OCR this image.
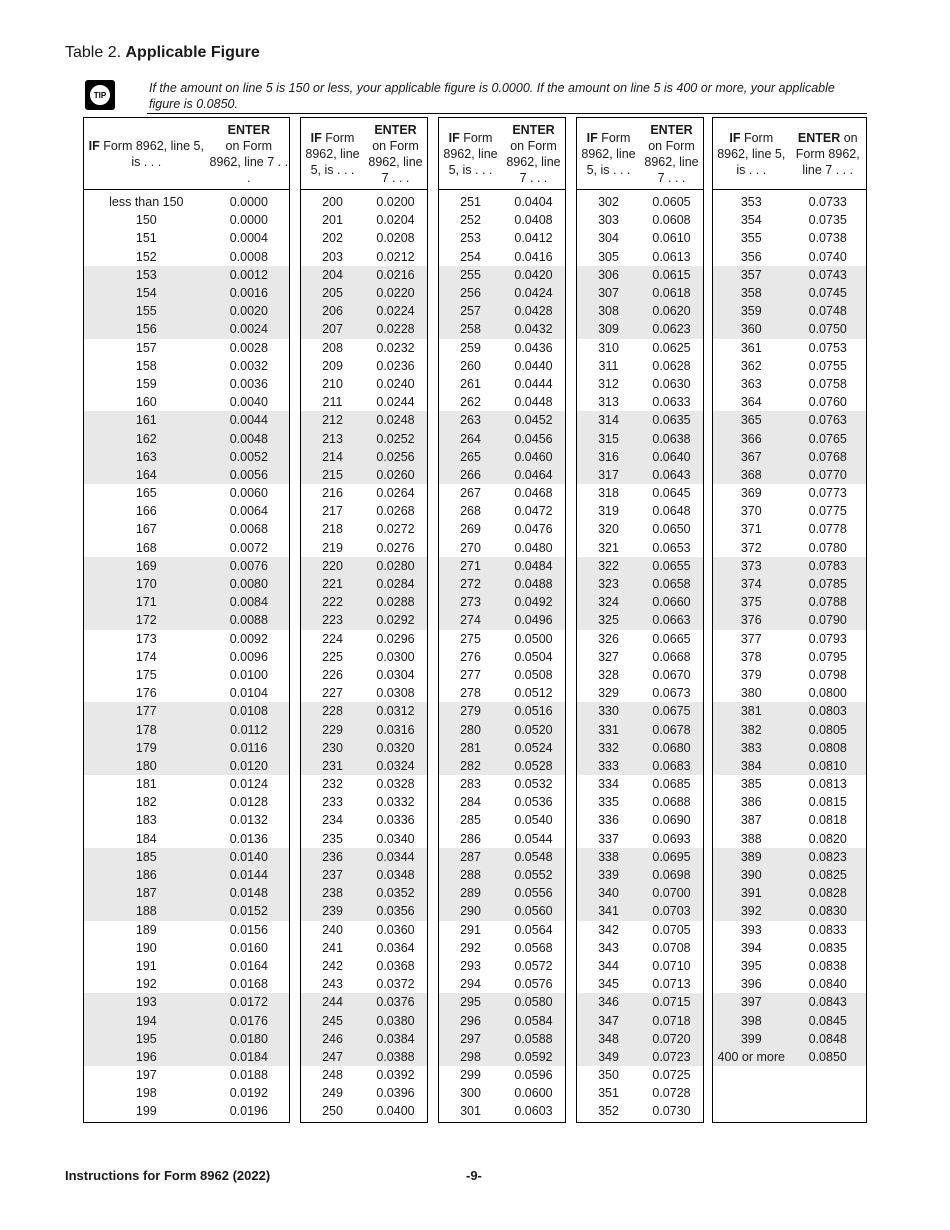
Table 2. Applicable Figure
TIP	If the amount on line 5 is 150 or less, your applicable figure is 0.0000. If the amount on line 5 is 400 or more, your applicable figure is 0.0850.
IF Form 8962, line 5, is . . .
ENTER
on Form 8962, line 7 . . .
less than 150	0.0000
150	0.0000
151	0.0004
152	0.0008
153	0.0012
154	0.0016
155	0.0020
156	0.0024
157	0.0028
158	0.0032
159	0.0036
160	0.0040
161	0.0044
162	0.0048
163	0.0052
164	0.0056
165	0.0060
166	0.0064
167	0.0068
168	0.0072
169	0.0076
170	0.0080
171	0.0084
172	0.0088
173	0.0092
174	0.0096
175	0.0100
176	0.0104
177	0.0108
178	0.0112
179	0.0116
180	0.0120
181	0.0124
182	0.0128
183	0.0132
184	0.0136
185	0.0140
186	0.0144
187	0.0148
188	0.0152
189	0.0156
190	0.0160
191	0.0164
192	0.0168
193	0.0172
194	0.0176
195	0.0180
196	0.0184
197	0.0188
198	0.0192
199	0.0196
IF Form 8962, line 5, is . . .
ENTER
on Form 8962, line 7 . . .
200	0.0200
201	0.0204
202	0.0208
203	0.0212
204	0.0216
205	0.0220
206	0.0224
207	0.0228
208	0.0232
209	0.0236
210	0.0240
211	0.0244
212	0.0248
213	0.0252
214	0.0256
215	0.0260
216	0.0264
217	0.0268
218	0.0272
219	0.0276
220	0.0280
221	0.0284
222	0.0288
223	0.0292
224	0.0296
225	0.0300
226	0.0304
227	0.0308
228	0.0312
229	0.0316
230	0.0320
231	0.0324
232	0.0328
233	0.0332
234	0.0336
235	0.0340
236	0.0344
237	0.0348
238	0.0352
239	0.0356
240	0.0360
241	0.0364
242	0.0368
243	0.0372
244	0.0376
245	0.0380
246	0.0384
247	0.0388
248	0.0392
249	0.0396
250	0.0400
IF Form 8962, line 5, is . . .
ENTER
on Form 8962, line 7 . . .
251	0.0404
252	0.0408
253	0.0412
254	0.0416
255	0.0420
256	0.0424
257	0.0428
258	0.0432
259	0.0436
260	0.0440
261	0.0444
262	0.0448
263	0.0452
264	0.0456
265	0.0460
266	0.0464
267	0.0468
268	0.0472
269	0.0476
270	0.0480
271	0.0484
272	0.0488
273	0.0492
274	0.0496
275	0.0500
276	0.0504
277	0.0508
278	0.0512
279	0.0516
280	0.0520
281	0.0524
282	0.0528
283	0.0532
284	0.0536
285	0.0540
286	0.0544
287	0.0548
288	0.0552
289	0.0556
290	0.0560
291	0.0564
292	0.0568
293	0.0572
294	0.0576
295	0.0580
296	0.0584
297	0.0588
298	0.0592
299	0.0596
300	0.0600
301	0.0603
IF Form 8962, line 5, is . . .
ENTER
on Form 8962, line 7 . . .
302	0.0605
303	0.0608
304	0.0610
305	0.0613
306	0.0615
307	0.0618
308	0.0620
309	0.0623
310	0.0625
311	0.0628
312	0.0630
313	0.0633
314	0.0635
315	0.0638
316	0.0640
317	0.0643
318	0.0645
319	0.0648
320	0.0650
321	0.0653
322	0.0655
323	0.0658
324	0.0660
325	0.0663
326	0.0665
327	0.0668
328	0.0670
329	0.0673
330	0.0675
331	0.0678
332	0.0680
333	0.0683
334	0.0685
335	0.0688
336	0.0690
337	0.0693
338	0.0695
339	0.0698
340	0.0700
341	0.0703
342	0.0705
343	0.0708
344	0.0710
345	0.0713
346	0.0715
347	0.0718
348	0.0720
349	0.0723
350	0.0725
351	0.0728
352	0.0730
IF Form 8962, line 5, is . . .
ENTER on Form 8962, line 7 . . .
353	0.0733
354	0.0735
355	0.0738
356	0.0740
357	0.0743
358	0.0745
359	0.0748
360	0.0750
361	0.0753
362	0.0755
363	0.0758
364	0.0760
365	0.0763
366	0.0765
367	0.0768
368	0.0770
369	0.0773
370	0.0775
371	0.0778
372	0.0780
373	0.0783
374	0.0785
375	0.0788
376	0.0790
377	0.0793
378	0.0795
379	0.0798
380	0.0800
381	0.0803
382	0.0805
383	0.0808
384	0.0810
385	0.0813
386	0.0815
387	0.0818
388	0.0820
389	0.0823
390	0.0825
391	0.0828
392	0.0830
393	0.0833
394	0.0835
395	0.0838
396	0.0840
397	0.0843
398	0.0845
399	0.0848
400 or more	0.0850
Instructions for Form 8962 (2022)	-9-
